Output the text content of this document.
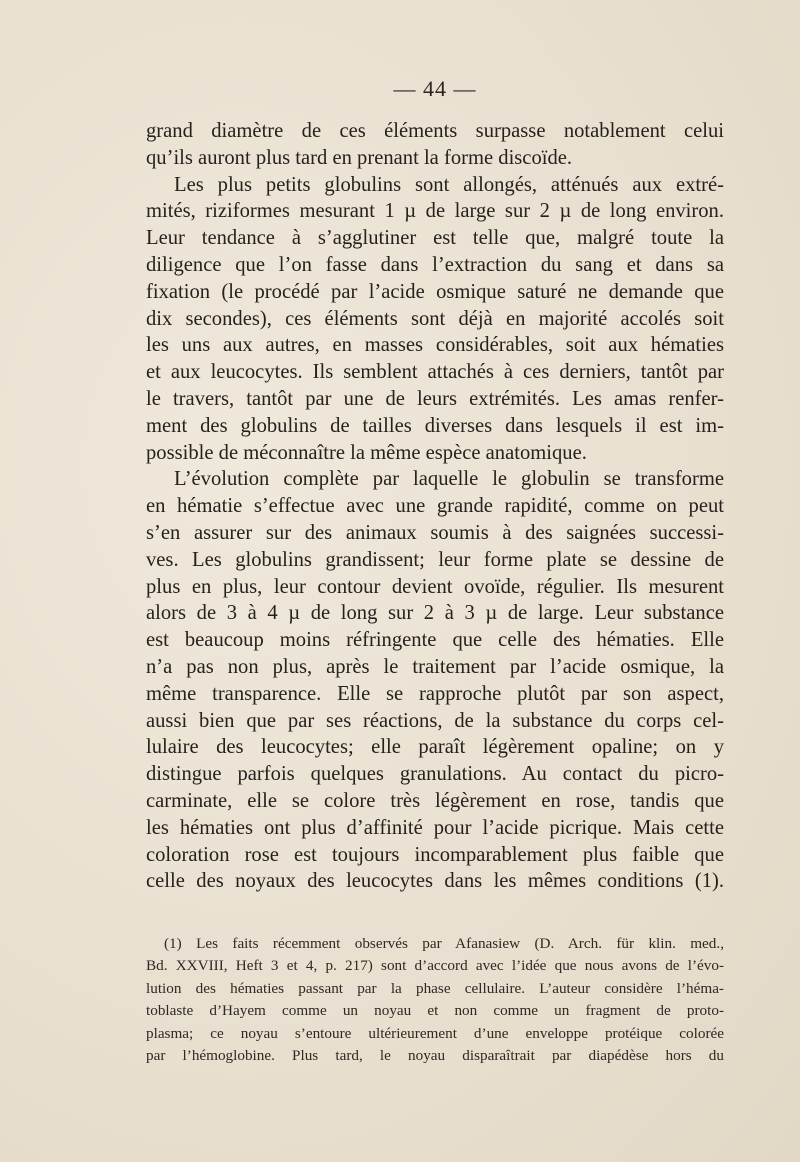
— 44 —
grand diamètre de ces éléments surpasse notablement celui
qu’ils auront plus tard en prenant la forme discoïde.
Les plus petits globulins sont allongés, atténués aux extré-
mités, riziformes mesurant 1 µ de large sur 2 µ de long environ.
Leur tendance à s’agglutiner est telle que, malgré toute la
diligence que l’on fasse dans l’extraction du sang et dans sa
fixation (le procédé par l’acide osmique saturé ne demande que
dix secondes), ces éléments sont déjà en majorité accolés soit
les uns aux autres, en masses considérables, soit aux hématies
et aux leucocytes. Ils semblent attachés à ces derniers, tantôt par
le travers, tantôt par une de leurs extrémités. Les amas renfer-
ment des globulins de tailles diverses dans lesquels il est im-
possible de méconnaître la même espèce anatomique.
L’évolution complète par laquelle le globulin se transforme
en hématie s’effectue avec une grande rapidité, comme on peut
s’en assurer sur des animaux soumis à des saignées successi-
ves. Les globulins grandissent; leur forme plate se dessine de
plus en plus, leur contour devient ovoïde, régulier. Ils mesurent
alors de 3 à 4 µ de long sur 2 à 3 µ de large. Leur substance
est beaucoup moins réfringente que celle des hématies. Elle
n’a pas non plus, après le traitement par l’acide osmique, la
même transparence. Elle se rapproche plutôt par son aspect,
aussi bien que par ses réactions, de la substance du corps cel-
lulaire des leucocytes; elle paraît légèrement opaline; on y
distingue parfois quelques granulations. Au contact du picro-
carminate, elle se colore très légèrement en rose, tandis que
les hématies ont plus d’affinité pour l’acide picrique. Mais cette
coloration rose est toujours incomparablement plus faible que
celle des noyaux des leucocytes dans les mêmes conditions (1).
(1) Les faits récemment observés par Afanasiew (D. Arch. für klin. med.,
Bd. XXVIII, Heft 3 et 4, p. 217) sont d’accord avec l’idée que nous avons de l’évo-
lution des hématies passant par la phase cellulaire. L’auteur considère l’héma-
toblaste d’Hayem comme un noyau et non comme un fragment de proto-
plasma; ce noyau s’entoure ultérieurement d’une enveloppe protéique colorée
par l’hémoglobine. Plus tard, le noyau disparaîtrait par diapédèse hors du
